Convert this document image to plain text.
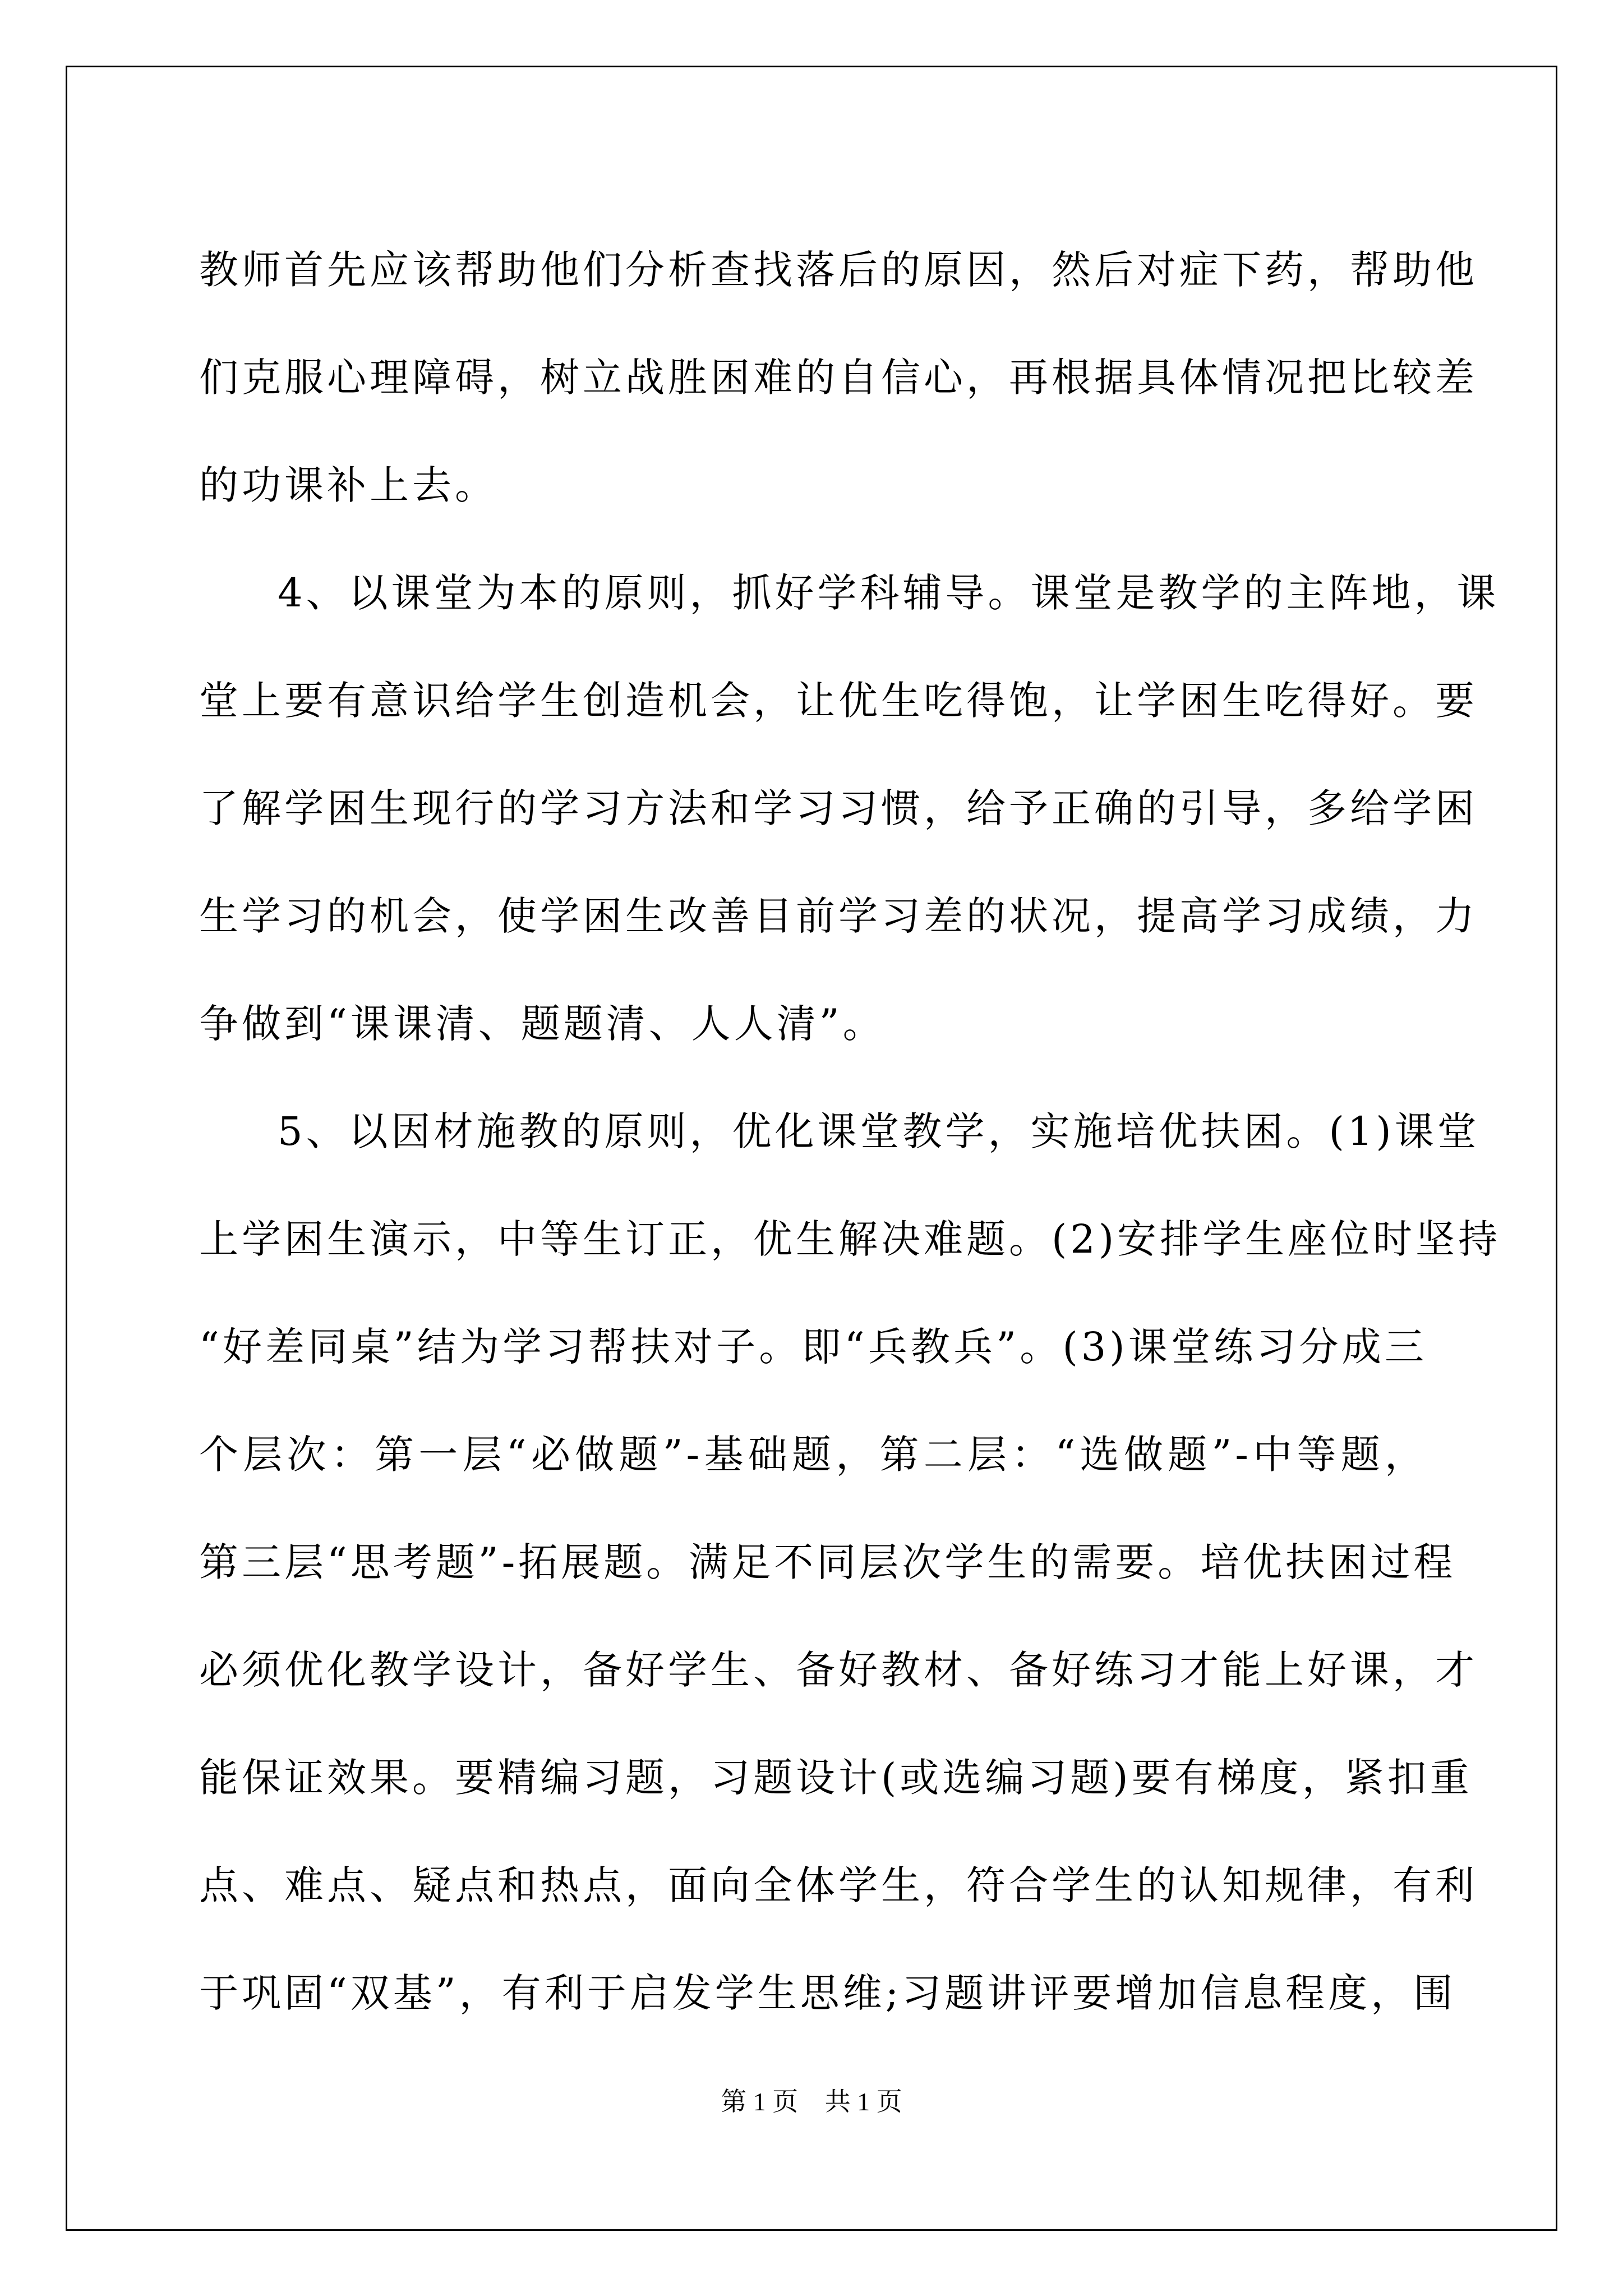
教师首先应该帮助他们分析查找落后的原因，然后对症下药，帮助他
们克服心理障碍，树立战胜困难的自信心，再根据具体情况把比较差
的功课补上去。
4、以课堂为本的原则，抓好学科辅导。课堂是教学的主阵地，课
堂上要有意识给学生创造机会，让优生吃得饱，让学困生吃得好。要
了解学困生现行的学习方法和学习习惯，给予正确的引导，多给学困
生学习的机会，使学困生改善目前学习差的状况，提高学习成绩，力
争做到“课课清、题题清、人人清”。
5、以因材施教的原则，优化课堂教学，实施培优扶困。(1)课堂
上学困生演示，中等生订正，优生解决难题。(2)安排学生座位时坚持
“好差同桌”结为学习帮扶对子。即“兵教兵”。(3)课堂练习分成三
个层次：第一层“必做题”-基础题，第二层：“选做题”-中等题，
第三层“思考题”-拓展题。满足不同层次学生的需要。培优扶困过程
必须优化教学设计，备好学生、备好教材、备好练习才能上好课，才
能保证效果。要精编习题，习题设计(或选编习题)要有梯度，紧扣重
点、难点、疑点和热点，面向全体学生，符合学生的认知规律，有利
于巩固“双基”，有利于启发学生思维;习题讲评要增加信息程度，围
第 1 页 共 1 页
